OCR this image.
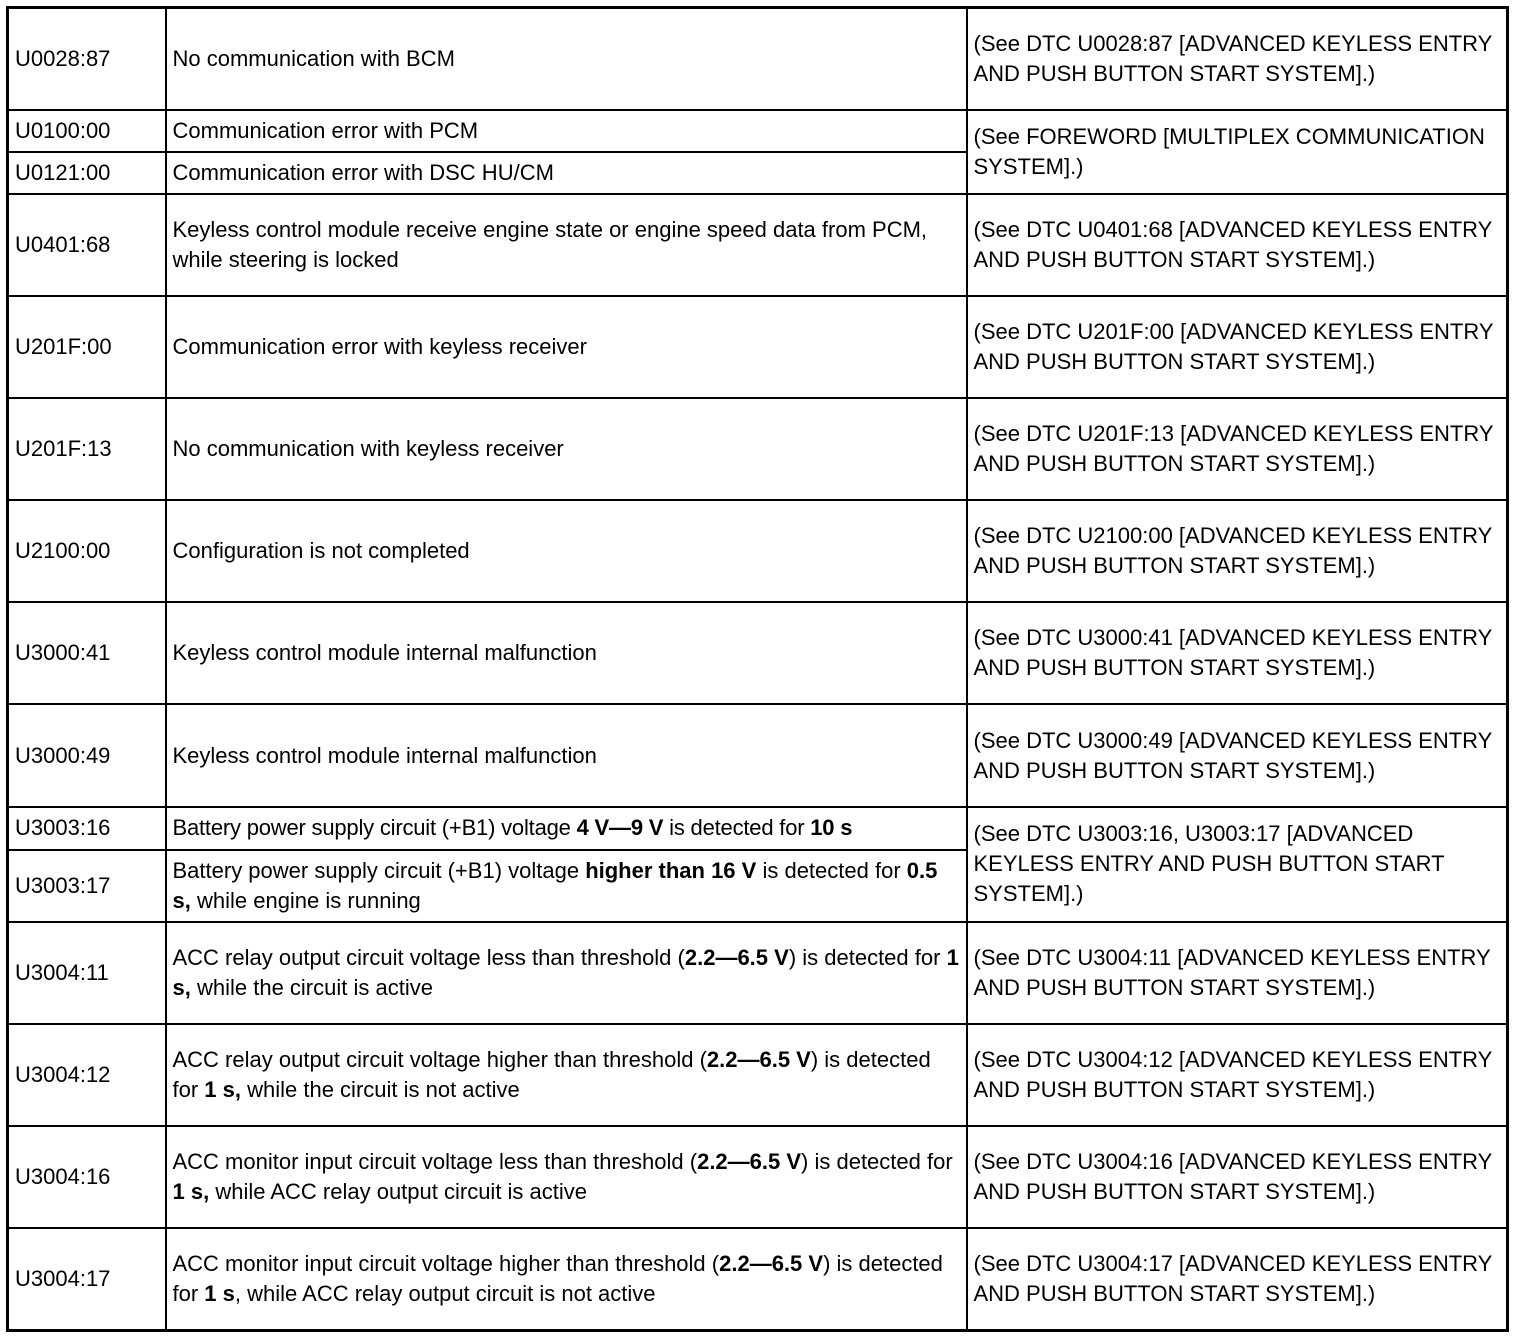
U0028:87	No communication with BCM	(See DTC U0028:87 [ADVANCED KEYLESS ENTRY AND PUSH BUTTON START SYSTEM].)
U0100:00	Communication error with PCM	(See FOREWORD [MULTIPLEX COMMUNICATION SYSTEM].)
U0121:00	Communication error with DSC HU/CM	
U0401:68	Keyless control module receive engine state or engine speed data from PCM, while steering is locked	(See DTC U0401:68 [ADVANCED KEYLESS ENTRY AND PUSH BUTTON START SYSTEM].)
U201F:00	Communication error with keyless receiver	(See DTC U201F:00 [ADVANCED KEYLESS ENTRY AND PUSH BUTTON START SYSTEM].)
U201F:13	No communication with keyless receiver	(See DTC U201F:13 [ADVANCED KEYLESS ENTRY AND PUSH BUTTON START SYSTEM].)
U2100:00	Configuration is not completed	(See DTC U2100:00 [ADVANCED KEYLESS ENTRY AND PUSH BUTTON START SYSTEM].)
U3000:41	Keyless control module internal malfunction	(See DTC U3000:41 [ADVANCED KEYLESS ENTRY AND PUSH BUTTON START SYSTEM].)
U3000:49	Keyless control module internal malfunction	(See DTC U3000:49 [ADVANCED KEYLESS ENTRY AND PUSH BUTTON START SYSTEM].)
U3003:16	Battery power supply circuit (+B1) voltage 4 V—9 V is detected for 10 s	(See DTC U3003:16, U3003:17 [ADVANCED KEYLESS ENTRY AND PUSH BUTTON START SYSTEM].)
U3003:17	Battery power supply circuit (+B1) voltage higher than 16 V is detected for 0.5 s, while engine is running	
U3004:11	ACC relay output circuit voltage less than threshold (2.2—6.5 V) is detected for 1 s, while the circuit is active	(See DTC U3004:11 [ADVANCED KEYLESS ENTRY AND PUSH BUTTON START SYSTEM].)
U3004:12	ACC relay output circuit voltage higher than threshold (2.2—6.5 V) is detected for 1 s, while the circuit is not active	(See DTC U3004:12 [ADVANCED KEYLESS ENTRY AND PUSH BUTTON START SYSTEM].)
U3004:16	ACC monitor input circuit voltage less than threshold (2.2—6.5 V) is detected for 1 s, while ACC relay output circuit is active	(See DTC U3004:16 [ADVANCED KEYLESS ENTRY AND PUSH BUTTON START SYSTEM].)
U3004:17	ACC monitor input circuit voltage higher than threshold (2.2—6.5 V) is detected for 1 s, while ACC relay output circuit is not active	(See DTC U3004:17 [ADVANCED KEYLESS ENTRY AND PUSH BUTTON START SYSTEM].)
